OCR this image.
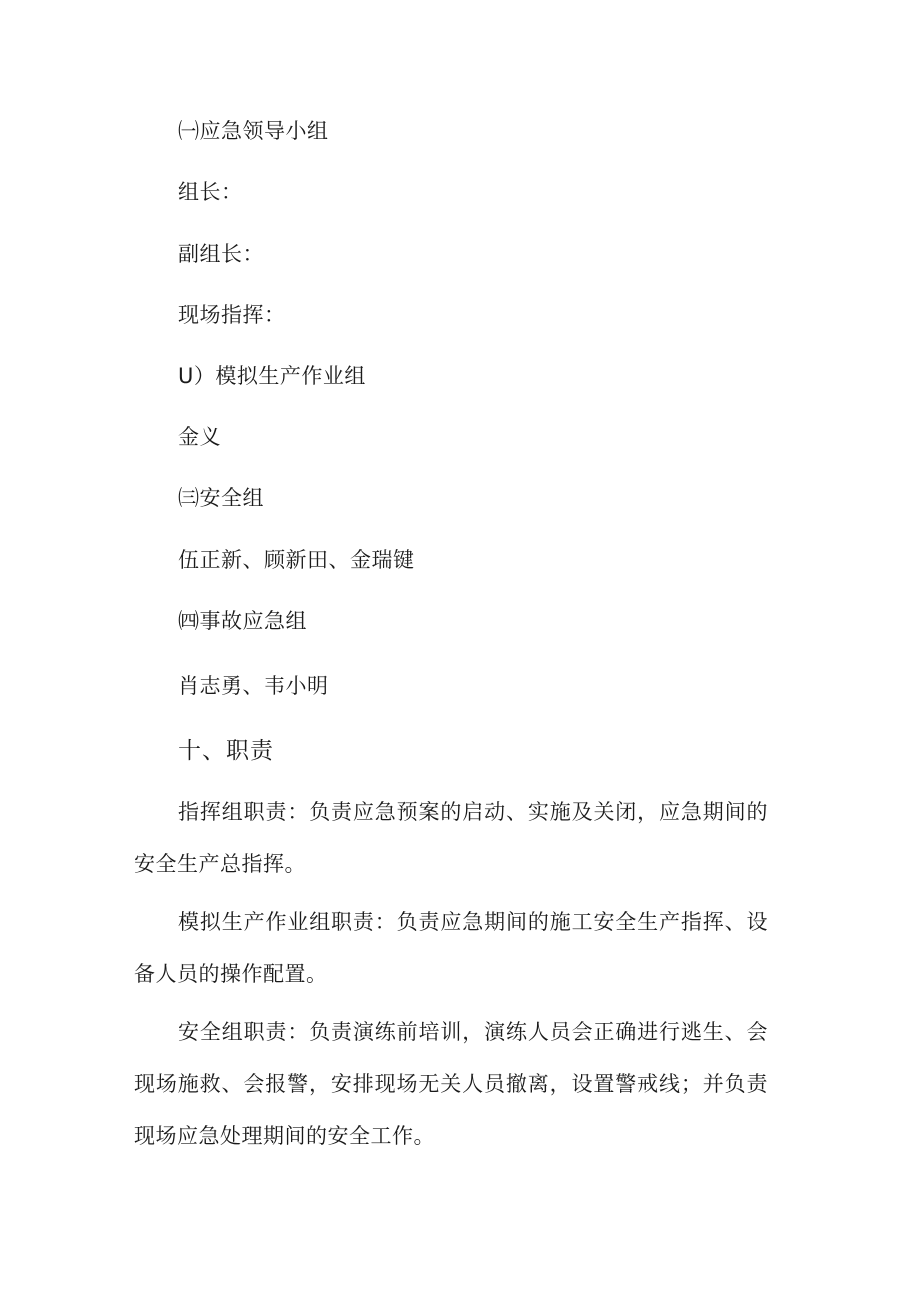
㈠应急领导小组
组长：
副组长：
现场指挥：
U）模拟生产作业组
金义
㈢安全组
伍正新、顾新田、金瑞键
㈣事故应急组
肖志勇、韦小明
十、职责

指挥组职责：负责应急预案的启动、实施及关闭，应急期间的安全生产总指挥。

模拟生产作业组职责：负责应急期间的施工安全生产指挥、设备人员的操作配置。

安全组职责：负责演练前培训，演练人员会正确进行逃生、会现场施救、会报警，安排现场无关人员撤离，设置警戒线；并负责现场应急处理期间的安全工作。
